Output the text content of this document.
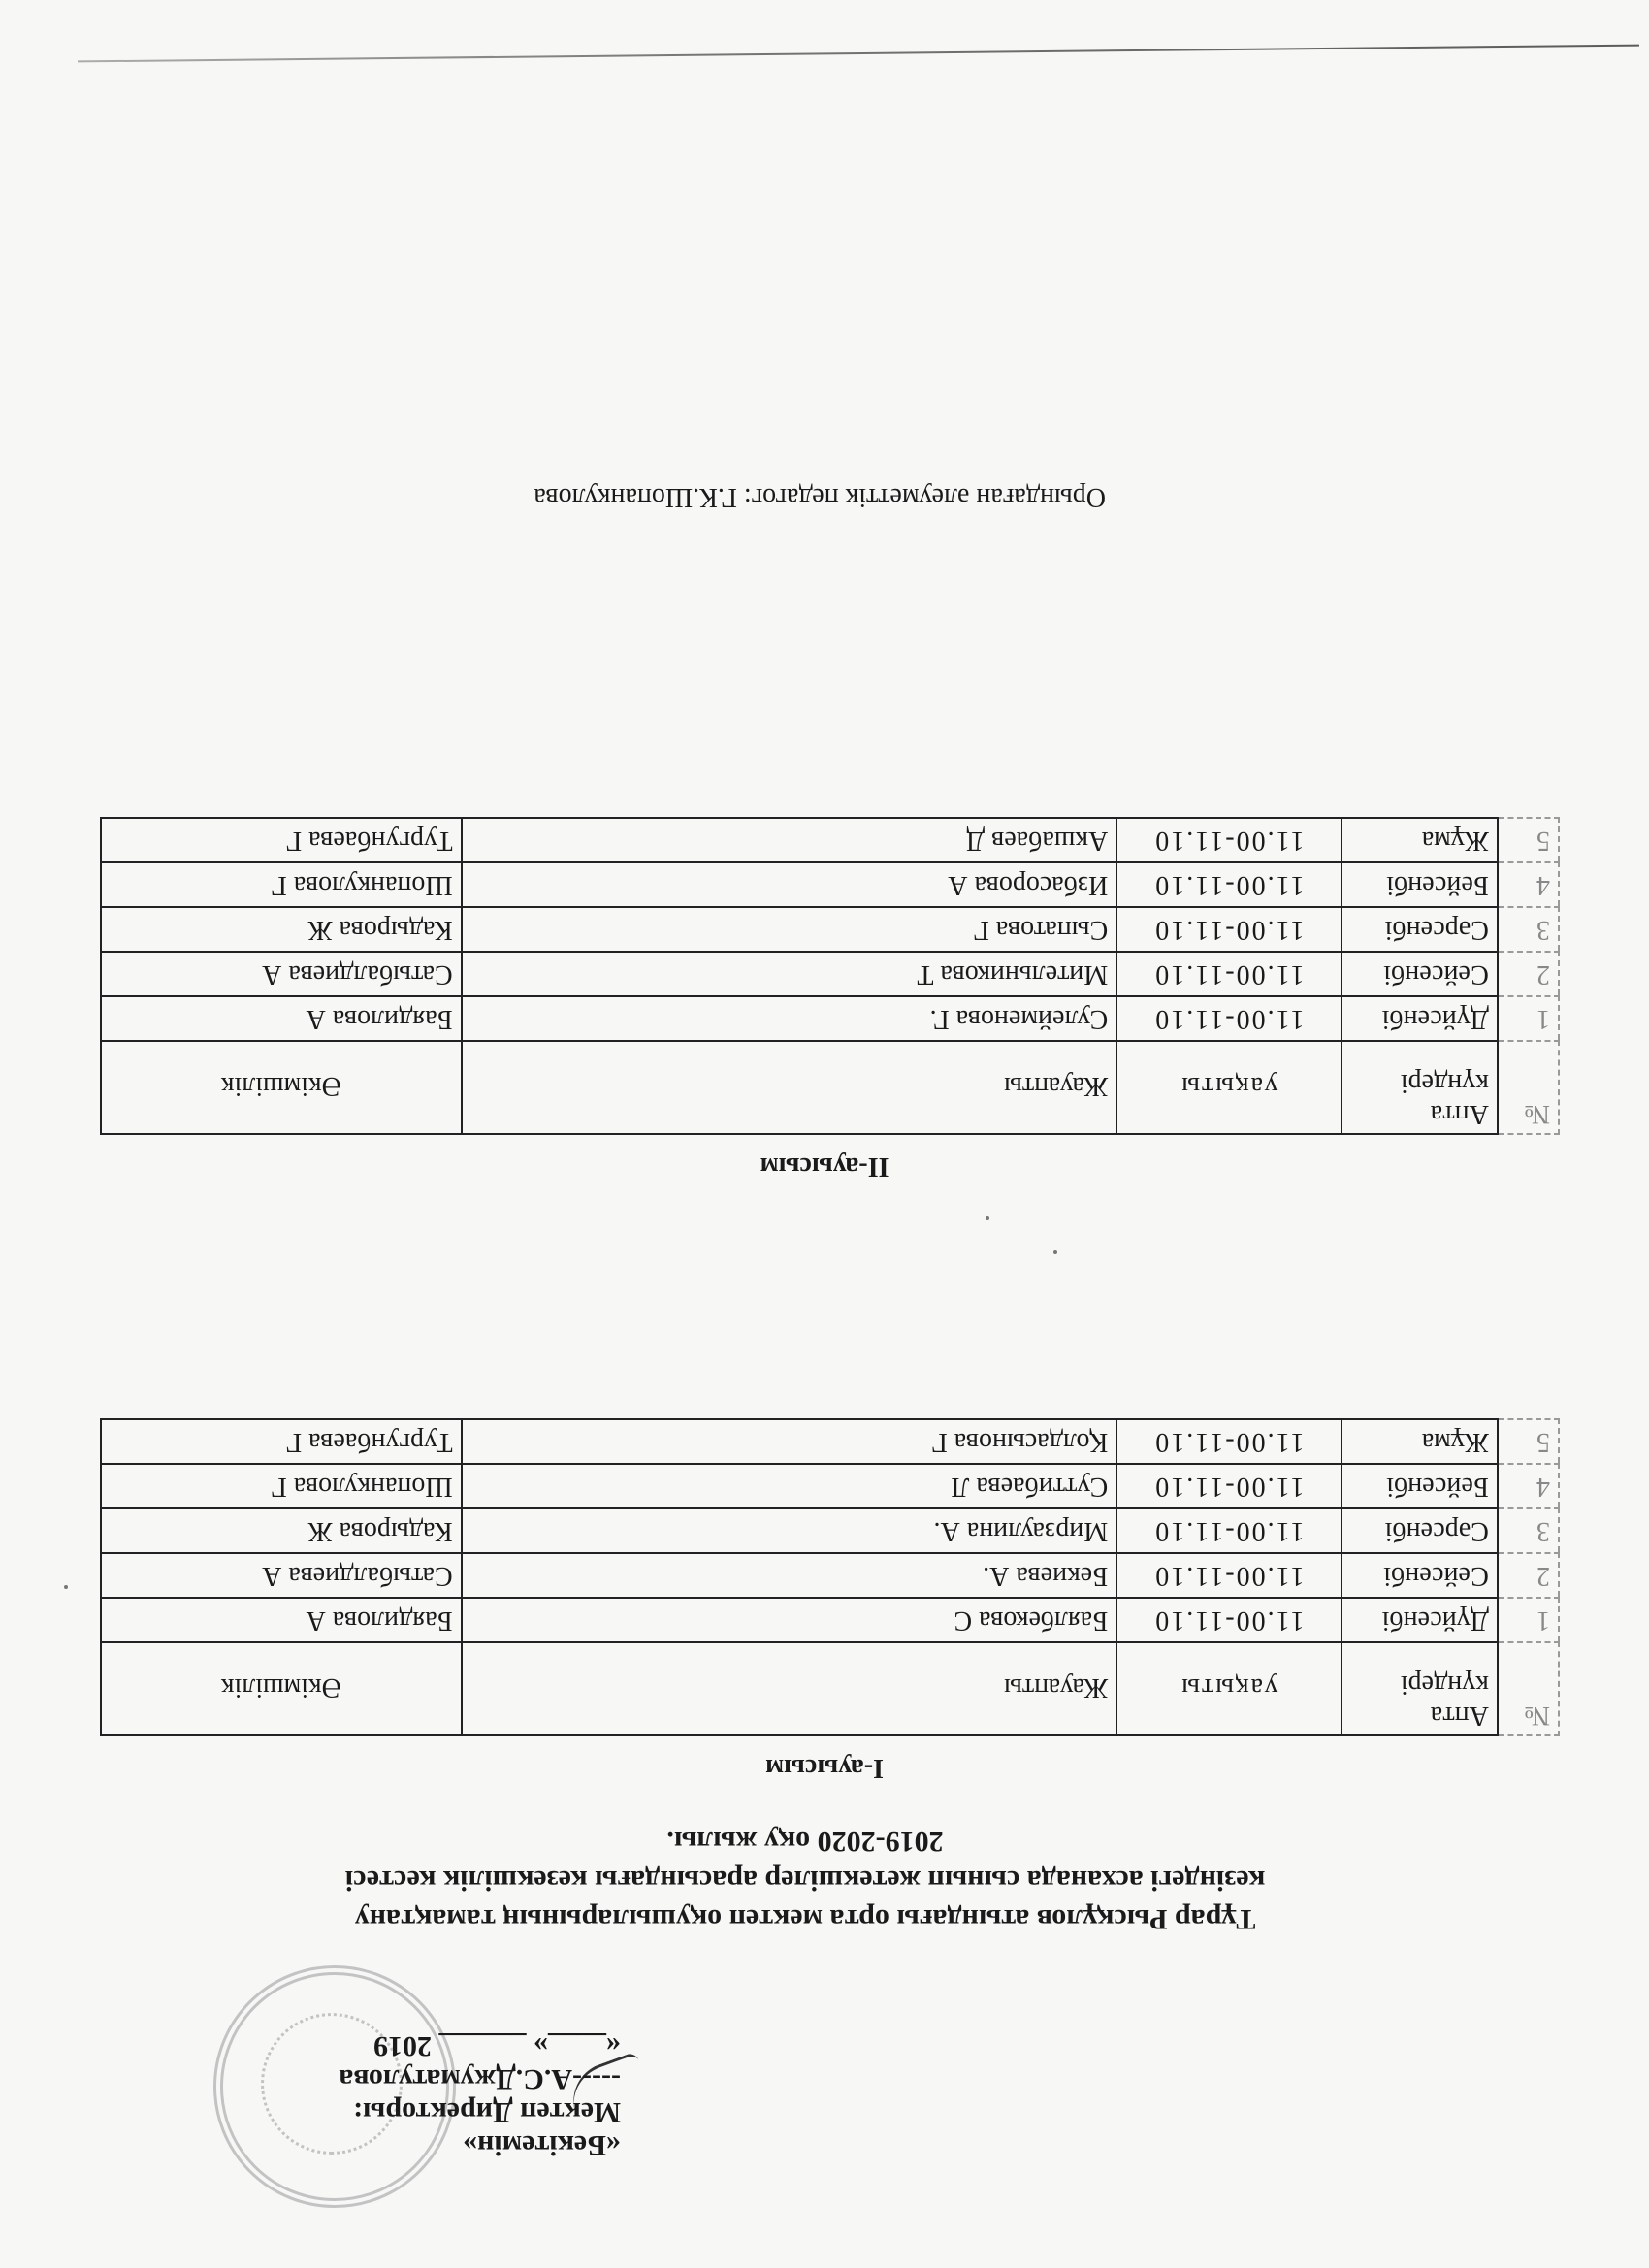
«Бекітемін»
Мектеп Директоры:
-----А.С.Джуматулова
«____» ______ 2019
Тұрар Рысқұлов атындағы орта мектеп оқушыларының тамақтану
кезіндегі асханада сынып жетекшілер арасындағы кезекшілік кестесі
2019-2020 оқу жылы.
I-ауысым
№	Апта күндері	уақыты	Жауапты	Әкімшілік
1	Дүйсенбі	11.00-11.10	Баялбекова С	Баядилова А
2	Сейсенбі	11.00-11.10	Бекиева А.	Сатыбалдиева А
3	Сәрсенбі	11.00-11.10	Мирзаулина А.	Кадырова Ж
4	Бейсенбі	11.00-11.10	Суттибаева Л	Шопанкулова Г
5	Жұма	11.00-11.10	Қолдасынова Г	Тургунбаева Г
II-ауысым
№	Апта күндері	уақыты	Жауапты	Әкімшілік
1	Дүйсенбі	11.00-11.10	Сулейменова Г.	Баядилова А
2	Сейсенбі	11.00-11.10	Мительникова Т	Сатыбалдиева А
3	Сәрсенбі	11.00-11.10	Сыпатова Г	Кадырова Ж
4	Бейсенбі	11.00-11.10	Избасорова А	Шопанкулова Г
5	Жұма	11.00-11.10	Акшабаев Д	Тургунбаева Г
Орындаған әлеуметтік педагог: Г.К.Шопанкулова
